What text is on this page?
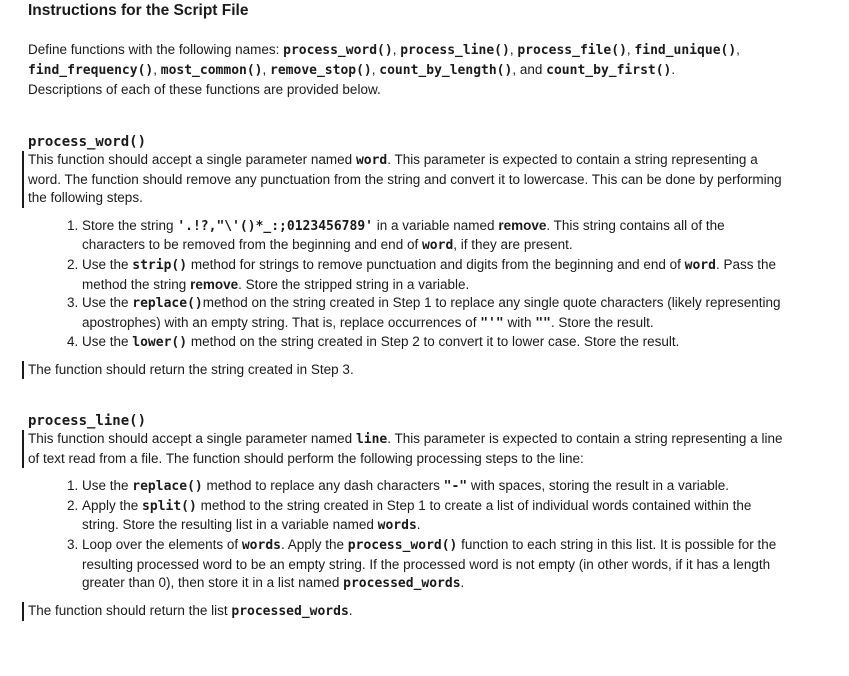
Instructions for the Script File
Define functions with the following names: process_word(), process_line(), process_file(), find_unique(), find_frequency(), most_common(), remove_stop(), count_by_length(), and count_by_first().
Descriptions of each of these functions are provided below.
process_word()
This function should accept a single parameter named word. This parameter is expected to contain a string representing a word. The function should remove any punctuation from the string and convert it to lowercase. This can be done by performing the following steps.
1. Store the string '.!?,"\'()*_:;0123456789' in a variable named remove. This string contains all of the characters to be removed from the beginning and end of word, if they are present.
2. Use the strip() method for strings to remove punctuation and digits from the beginning and end of word. Pass the method the string remove. Store the stripped string in a variable.
3. Use the replace()method on the string created in Step 1 to replace any single quote characters (likely representing apostrophes) with an empty string. That is, replace occurrences of "'" with "". Store the result.
4. Use the lower() method on the string created in Step 2 to convert it to lower case. Store the result.
The function should return the string created in Step 3.
process_line()
This function should accept a single parameter named line. This parameter is expected to contain a string representing a line of text read from a file. The function should perform the following processing steps to the line:
1. Use the replace() method to replace any dash characters "-" with spaces, storing the result in a variable.
2. Apply the split() method to the string created in Step 1 to create a list of individual words contained within the string. Store the resulting list in a variable named words.
3. Loop over the elements of words. Apply the process_word() function to each string in this list. It is possible for the resulting processed word to be an empty string. If the processed word is not empty (in other words, if it has a length greater than 0), then store it in a list named processed_words.
The function should return the list processed_words.
